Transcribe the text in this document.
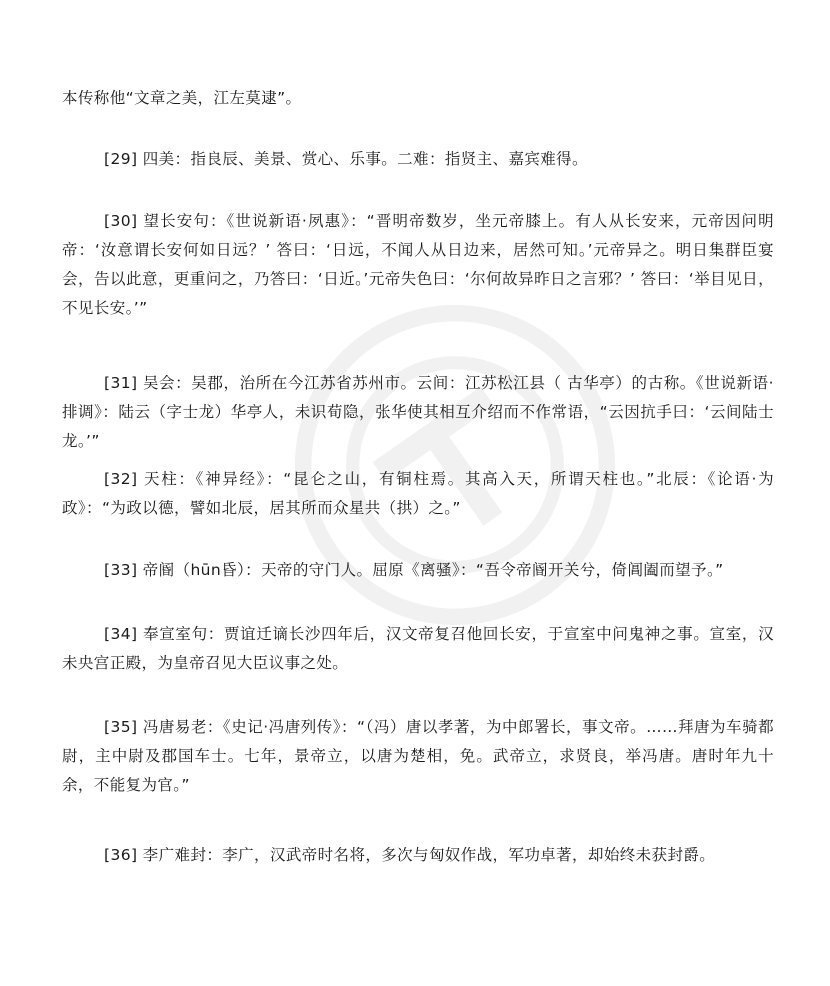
本传称他“文章之美，江左莫逮”。

[29] 四美：指良辰、美景、赏心、乐事。二难：指贤主、嘉宾难得。

[30] 望长安句：《世说新语·夙惠》：“晋明帝数岁，坐元帝膝上。有人从长安来，元帝因问明帝：‘汝意谓长安何如日远？’ 答曰：‘日远，不闻人从日边来，居然可知。’元帝异之。明日集群臣宴会，告以此意，更重问之，乃答曰：‘日近。’元帝失色曰：‘尔何故异昨日之言邪？’ 答曰：‘举目见日，不见长安。’”

[31] 吴会：吴郡，治所在今江苏省苏州市。云间：江苏松江县（ 古华亭）的古称。《世说新语·排调》：陆云（字士龙）华亭人，未识荀隐，张华使其相互介绍而不作常语，“云因抗手曰：‘云间陆士龙。’”

[32] 天柱：《神异经》：“昆仑之山，有铜柱焉。其高入天，所谓天柱也。”北辰：《论语·为政》：“为政以德，譬如北辰，居其所而众星共（拱）之。”

[33] 帝阍（hūn昏）：天帝的守门人。屈原《离骚》：“吾令帝阍开关兮，倚阊阖而望予。”

[34] 奉宣室句：贾谊迁谪长沙四年后，汉文帝复召他回长安，于宣室中问鬼神之事。宣室，汉未央宫正殿，为皇帝召见大臣议事之处。

[35] 冯唐易老：《史记·冯唐列传》：“（冯）唐以孝著，为中郎署长，事文帝。……拜唐为车骑都尉，主中尉及郡国车士。七年，景帝立，以唐为楚相，免。武帝立，求贤良，举冯唐。唐时年九十余，不能复为官。”

[36] 李广难封：李广，汉武帝时名将，多次与匈奴作战，军功卓著，却始终未获封爵。
